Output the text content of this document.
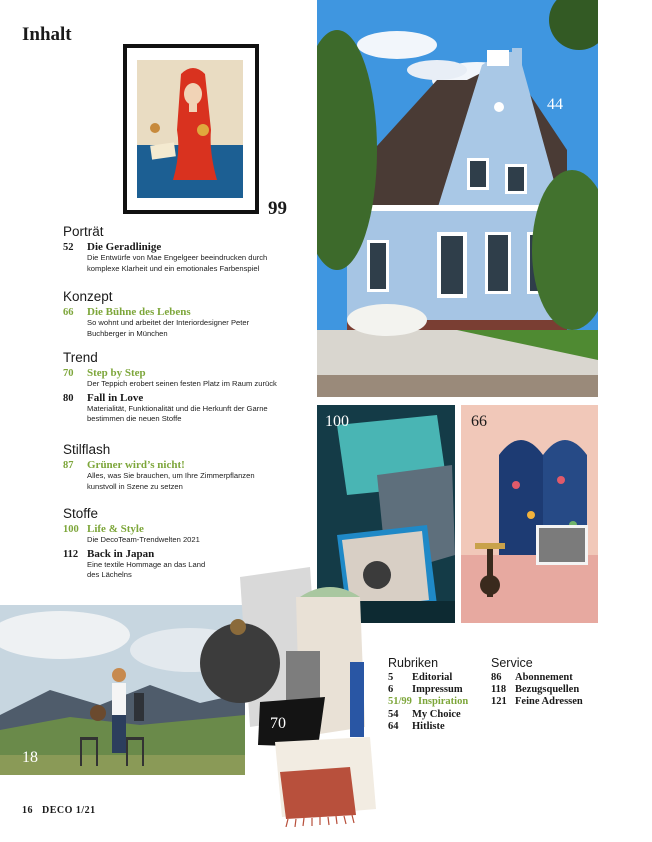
Inhalt
99
Porträt
52	Die Geradlinige
Die Entwürfe von Mae Engelgeer beeindrucken durch
komplexe Klarheit und ein emotionales Farbenspiel
Konzept
66	Die Bühne des Lebens
So wohnt und arbeitet der Interiordesigner Peter
Buchberger in München
Trend
70	Step by Step
Der Teppich erobert seinen festen Platz im Raum zurück
80	Fall in Love
Materialität, Funktionalität und die Herkunft der Garne
bestimmen die neuen Stoffe
Stilflash
87	Grüner wird’s nicht!
Alles, was Sie brauchen, um Ihre Zimmerpflanzen
kunstvoll in Szene zu setzen
Stoffe
100 Life & Style
Die DecoTeam-Trendwelten 2021
112 Back in Japan
Eine textile Hommage an das Land
des Lächelns
44
100	66
18
70
Rubriken
5	Editorial
6	Impressum
51/99 Inspiration
54	My Choice
64	Hitliste
Service
86	Abonnement
118 Bezugsquellen
121 Feine Adressen
16 DECO 1/21
